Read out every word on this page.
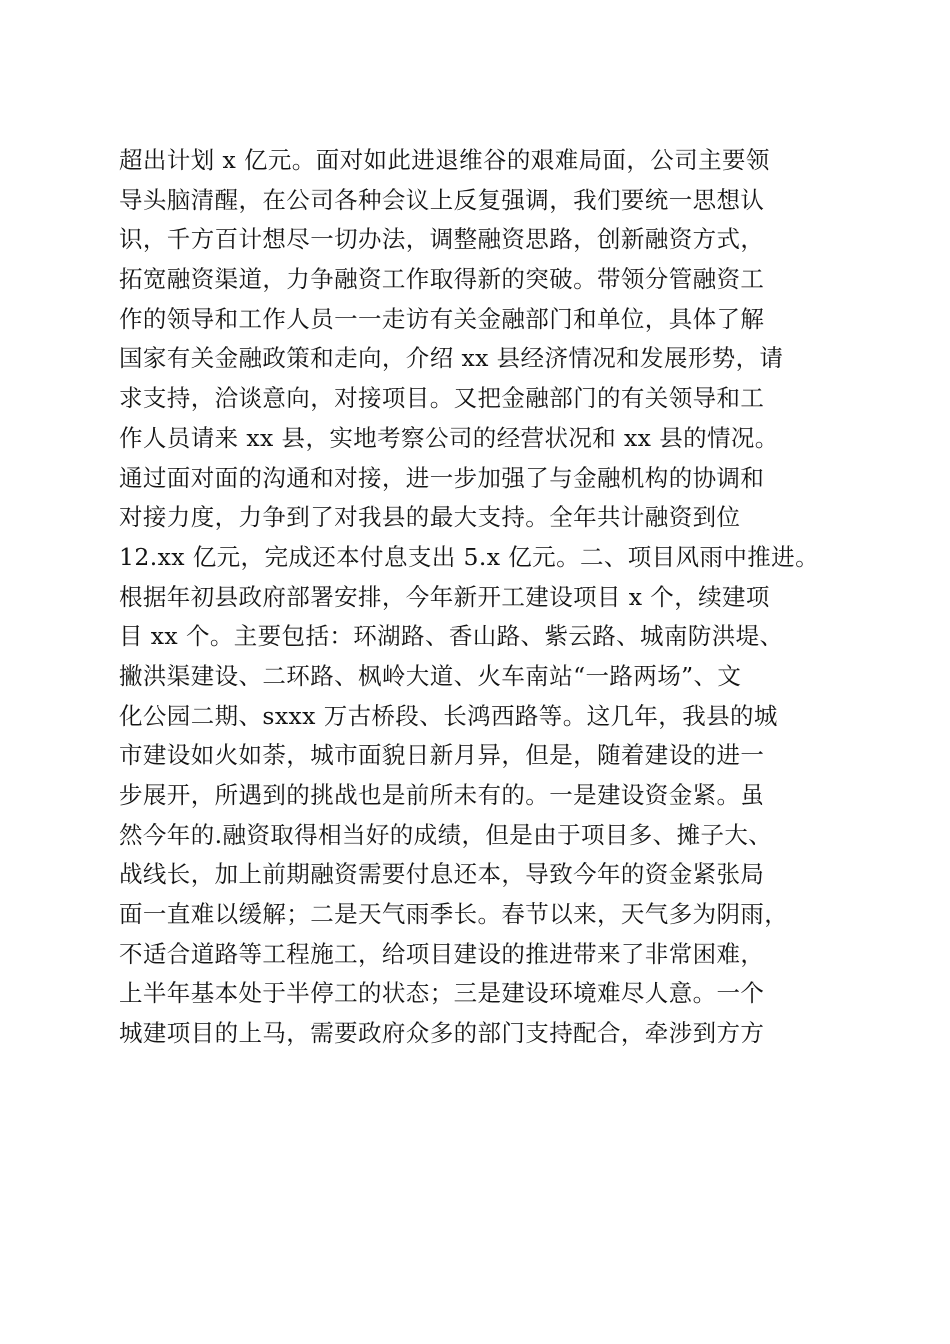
超出计划 x 亿元。面对如此进退维谷的艰难局面，公司主要领
导头脑清醒，在公司各种会议上反复强调，我们要统一思想认
识，千方百计想尽一切办法，调整融资思路，创新融资方式，
拓宽融资渠道，力争融资工作取得新的突破。带领分管融资工
作的领导和工作人员一一走访有关金融部门和单位，具体了解
国家有关金融政策和走向，介绍 xx 县经济情况和发展形势，请
求支持，洽谈意向，对接项目。又把金融部门的有关领导和工
作人员请来 xx 县，实地考察公司的经营状况和 xx 县的情况。
通过面对面的沟通和对接，进一步加强了与金融机构的协调和
对接力度，力争到了对我县的最大支持。全年共计融资到位
12.xx 亿元，完成还本付息支出 5.x 亿元。二、项目风雨中推进。
根据年初县政府部署安排，今年新开工建设项目 x 个，续建项
目 xx 个。主要包括：环湖路、香山路、紫云路、城南防洪堤、
撇洪渠建设、二环路、枫岭大道、火车南站“一路两场”、文
化公园二期、sxxx 万古桥段、长鸿西路等。这几年，我县的城
市建设如火如荼，城市面貌日新月异，但是，随着建设的进一
步展开，所遇到的挑战也是前所未有的。一是建设资金紧。虽
然今年的.融资取得相当好的成绩，但是由于项目多、摊子大、
战线长，加上前期融资需要付息还本，导致今年的资金紧张局
面一直难以缓解；二是天气雨季长。春节以来，天气多为阴雨，
不适合道路等工程施工，给项目建设的推进带来了非常困难，
上半年基本处于半停工的状态；三是建设环境难尽人意。一个
城建项目的上马，需要政府众多的部门支持配合，牵涉到方方
